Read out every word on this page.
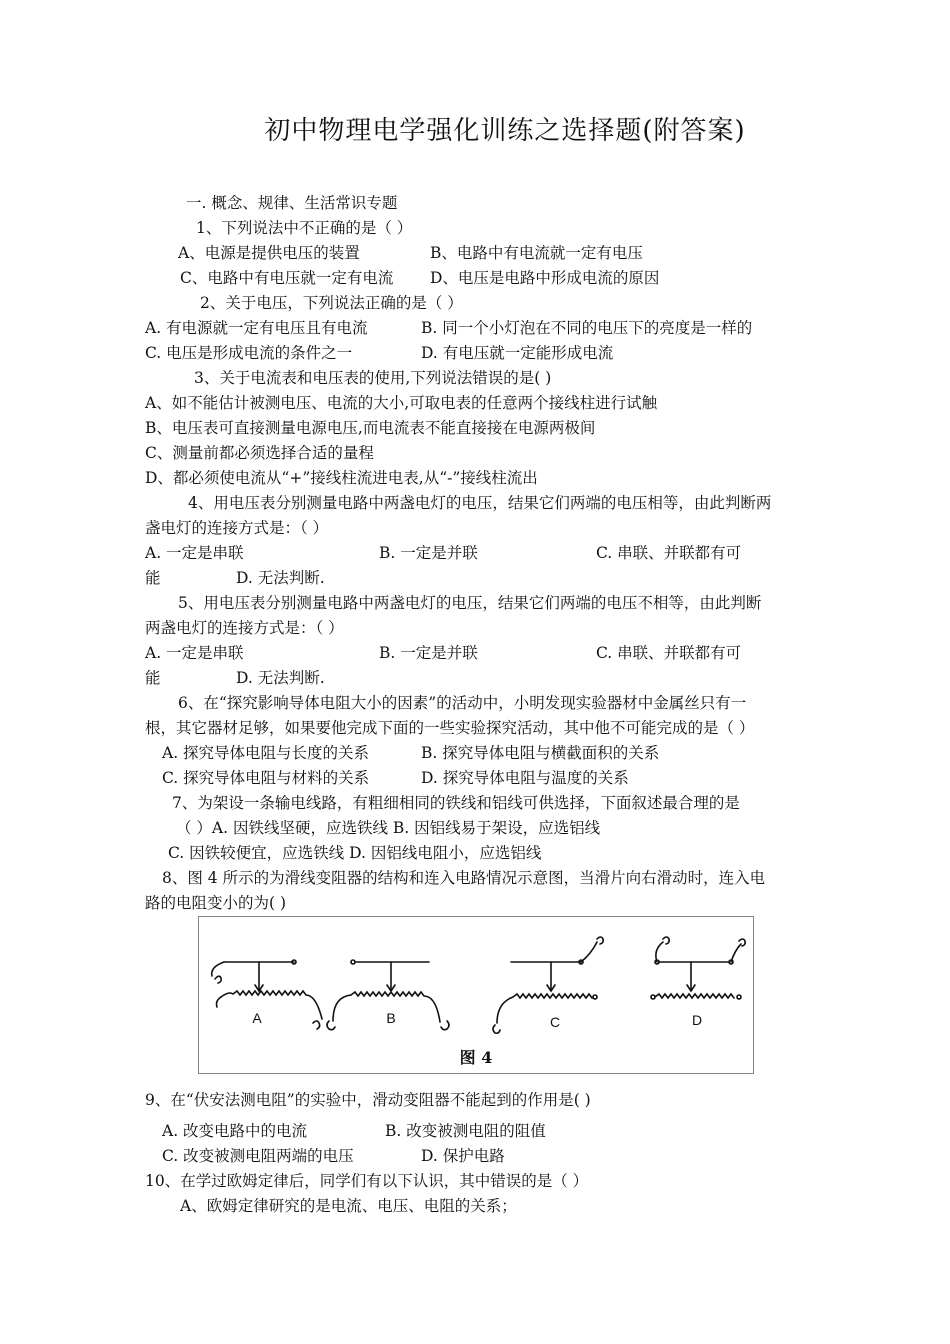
初中物理电学强化训练之选择题(附答案)
一. 概念、规律、生活常识专题
1、下列说法中不正确的是（ ）
A、电源是提供电压的装置	B、电路中有电流就一定有电压
C、电路中有电压就一定有电流 D、电压是电路中形成电流的原因
2、关于电压，下列说法正确的是（ ）
A. 有电源就一定有电压且有电流	B. 同一个小灯泡在不同的电压下的亮度是一样的
C. 电压是形成电流的条件之一	D. 有电压就一定能形成电流
3、关于电流表和电压表的使用,下列说法错误的是( )
A、如不能估计被测电压、电流的大小,可取电表的任意两个接线柱进行试触
B、电压表可直接测量电源电压,而电流表不能直接接在电源两极间
C、测量前都必须选择合适的量程
D、都必须使电流从“+”接线柱流进电表,从“-”接线柱流出
4、用电压表分别测量电路中两盏电灯的电压，结果它们两端的电压相等，由此判断两
盏电灯的连接方式是：（ ）
A. 一定是串联	B. 一定是并联	C. 串联、并联都有可
能	D. 无法判断.
5、用电压表分别测量电路中两盏电灯的电压，结果它们两端的电压不相等，由此判断
两盏电灯的连接方式是：（ ）
A. 一定是串联	B. 一定是并联	C. 串联、并联都有可
能	D. 无法判断.
6、在“探究影响导体电阻大小的因素”的活动中，小明发现实验器材中金属丝只有一
根，其它器材足够，如果要他完成下面的一些实验探究活动，其中他不可能完成的是（ ）
A. 探究导体电阻与长度的关系	B. 探究导体电阻与横截面积的关系
C. 探究导体电阻与材料的关系	D. 探究导体电阻与温度的关系
7、为架设一条输电线路，有粗细相同的铁线和铝线可供选择，下面叙述最合理的是
（ ）A. 因铁线坚硬，应选铁线 B. 因铝线易于架设，应选铝线
C. 因铁较便宜，应选铁线 D. 因铝线电阻小，应选铝线
8、图 4 所示的为滑线变阻器的结构和连入电路情况示意图，当滑片向右滑动时，连入电
路的电阻变小的为( )
A	B	C	D
图 4
9、在“伏安法测电阻”的实验中，滑动变阻器不能起到的作用是( )
A. 改变电路中的电流	B. 改变被测电阻的阻值
C. 改变被测电阻两端的电压	D. 保护电路
10、在学过欧姆定律后，同学们有以下认识，其中错误的是（ ）
A、欧姆定律研究的是电流、电压、电阻的关系；
